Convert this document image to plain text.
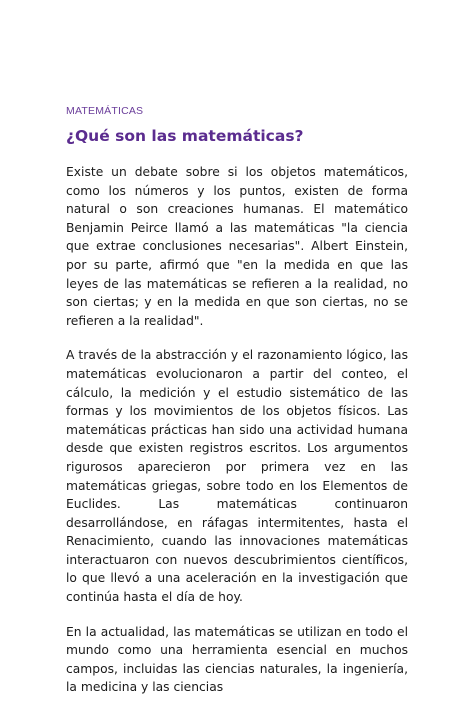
MATEMÁTICAS
¿Qué son las matemáticas?

Existe un debate sobre si los objetos matemáticos, como los números y los puntos, existen de forma natural o son creaciones humanas. El matemático Benjamin Peirce llamó a las matemáticas "la ciencia que extrae conclusiones necesarias". Albert Einstein, por su parte, afirmó que "en la medida en que las leyes de las matemáticas se refieren a la realidad, no son ciertas; y en la medida en que son ciertas, no se refieren a la realidad".

A través de la abstracción y el razonamiento lógico, las matemáticas evolucionaron a partir del conteo, el cálculo, la medición y el estudio sistemático de las formas y los movimientos de los objetos físicos. Las matemáticas prácticas han sido una actividad humana desde que existen registros escritos. Los argumentos rigurosos aparecieron por primera vez en las matemáticas griegas, sobre todo en los Elementos de Euclides. Las matemáticas continuaron desarrollándose, en ráfagas intermitentes, hasta el Renacimiento, cuando las innovaciones matemáticas interactuaron con nuevos descubrimientos científicos, lo que llevó a una aceleración en la investigación que continúa hasta el día de hoy.

En la actualidad, las matemáticas se utilizan en todo el mundo como una herramienta esencial en muchos campos, incluidas las ciencias naturales, la ingeniería, la medicina y las ciencias
